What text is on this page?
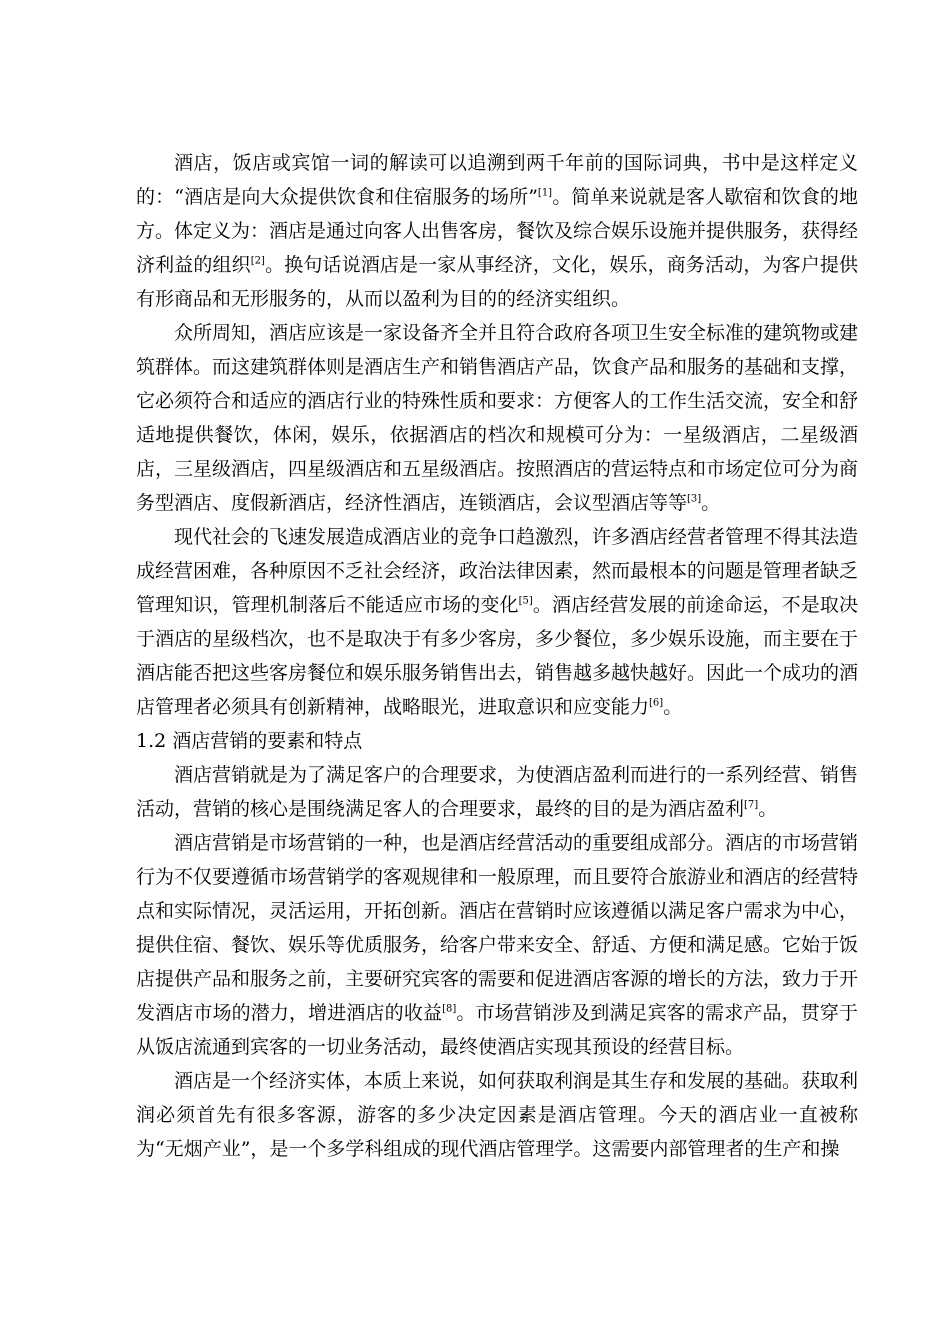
酒店，饭店或宾馆一词的解读可以追溯到两千年前的国际词典，书中是这样定义的：“酒店是向大众提供饮食和住宿服务的场所”[1]。简单来说就是客人歇宿和饮食的地方。体定义为：酒店是通过向客人出售客房，餐饮及综合娱乐设施并提供服务，获得经济利益的组织[2]。换句话说酒店是一家从事经济，文化，娱乐，商务活动，为客户提供有形商品和无形服务的，从而以盈利为目的的经济实组织。

众所周知，酒店应该是一家设备齐全并且符合政府各项卫生安全标准的建筑物或建筑群体。而这建筑群体则是酒店生产和销售酒店产品，饮食产品和服务的基础和支撑，它必须符合和适应的酒店行业的特殊性质和要求：方便客人的工作生活交流，安全和舒适地提供餐饮，体闲，娱乐，依据酒店的档次和规模可分为：一星级酒店，二星级酒店，三星级酒店，四星级酒店和五星级酒店。按照酒店的营运特点和市场定位可分为商务型酒店、度假新酒店，经济性酒店，连锁酒店，会议型酒店等等[3]。

现代社会的飞速发展造成酒店业的竞争口趋激烈，许多酒店经营者管理不得其法造成经营困难，各种原因不乏社会经济，政治法律因素，然而最根本的问题是管理者缺乏管理知识，管理机制落后不能适应市场的变化[5]。酒店经营发展的前途命运，不是取决于酒店的星级档次，也不是取决于有多少客房，多少餐位，多少娱乐设施，而主要在于酒店能否把这些客房餐位和娱乐服务销售出去，销售越多越快越好。因此一个成功的酒店管理者必须具有创新精神，战略眼光，进取意识和应变能力[6]。

1.2 酒店营销的要素和特点

酒店营销就是为了满足客户的合理要求，为使酒店盈利而进行的一系列经营、销售活动，营销的核心是围绕满足客人的合理要求，最终的目的是为酒店盈利[7]。

酒店营销是市场营销的一种，也是酒店经营活动的重要组成部分。酒店的市场营销行为不仅要遵循市场营销学的客观规律和一般原理，而且要符合旅游业和酒店的经营特点和实际情况，灵活运用，开拓创新。酒店在营销时应该遵循以满足客户需求为中心，提供住宿、餐饮、娱乐等优质服务，给客户带来安全、舒适、方便和满足感。它始于饭店提供产品和服务之前，主要研究宾客的需要和促进酒店客源的增长的方法，致力于开发酒店市场的潜力，增进酒店的收益[8]。市场营销涉及到满足宾客的需求产品，贯穿于从饭店流通到宾客的一切业务活动，最终使酒店实现其预设的经营目标。

酒店是一个经济实体，本质上来说，如何获取利润是其生存和发展的基础。获取利润必须首先有很多客源，游客的多少决定因素是酒店管理。今天的酒店业一直被称为“无烟产业”，是一个多学科组成的现代酒店管理学。这需要内部管理者的生产和操
